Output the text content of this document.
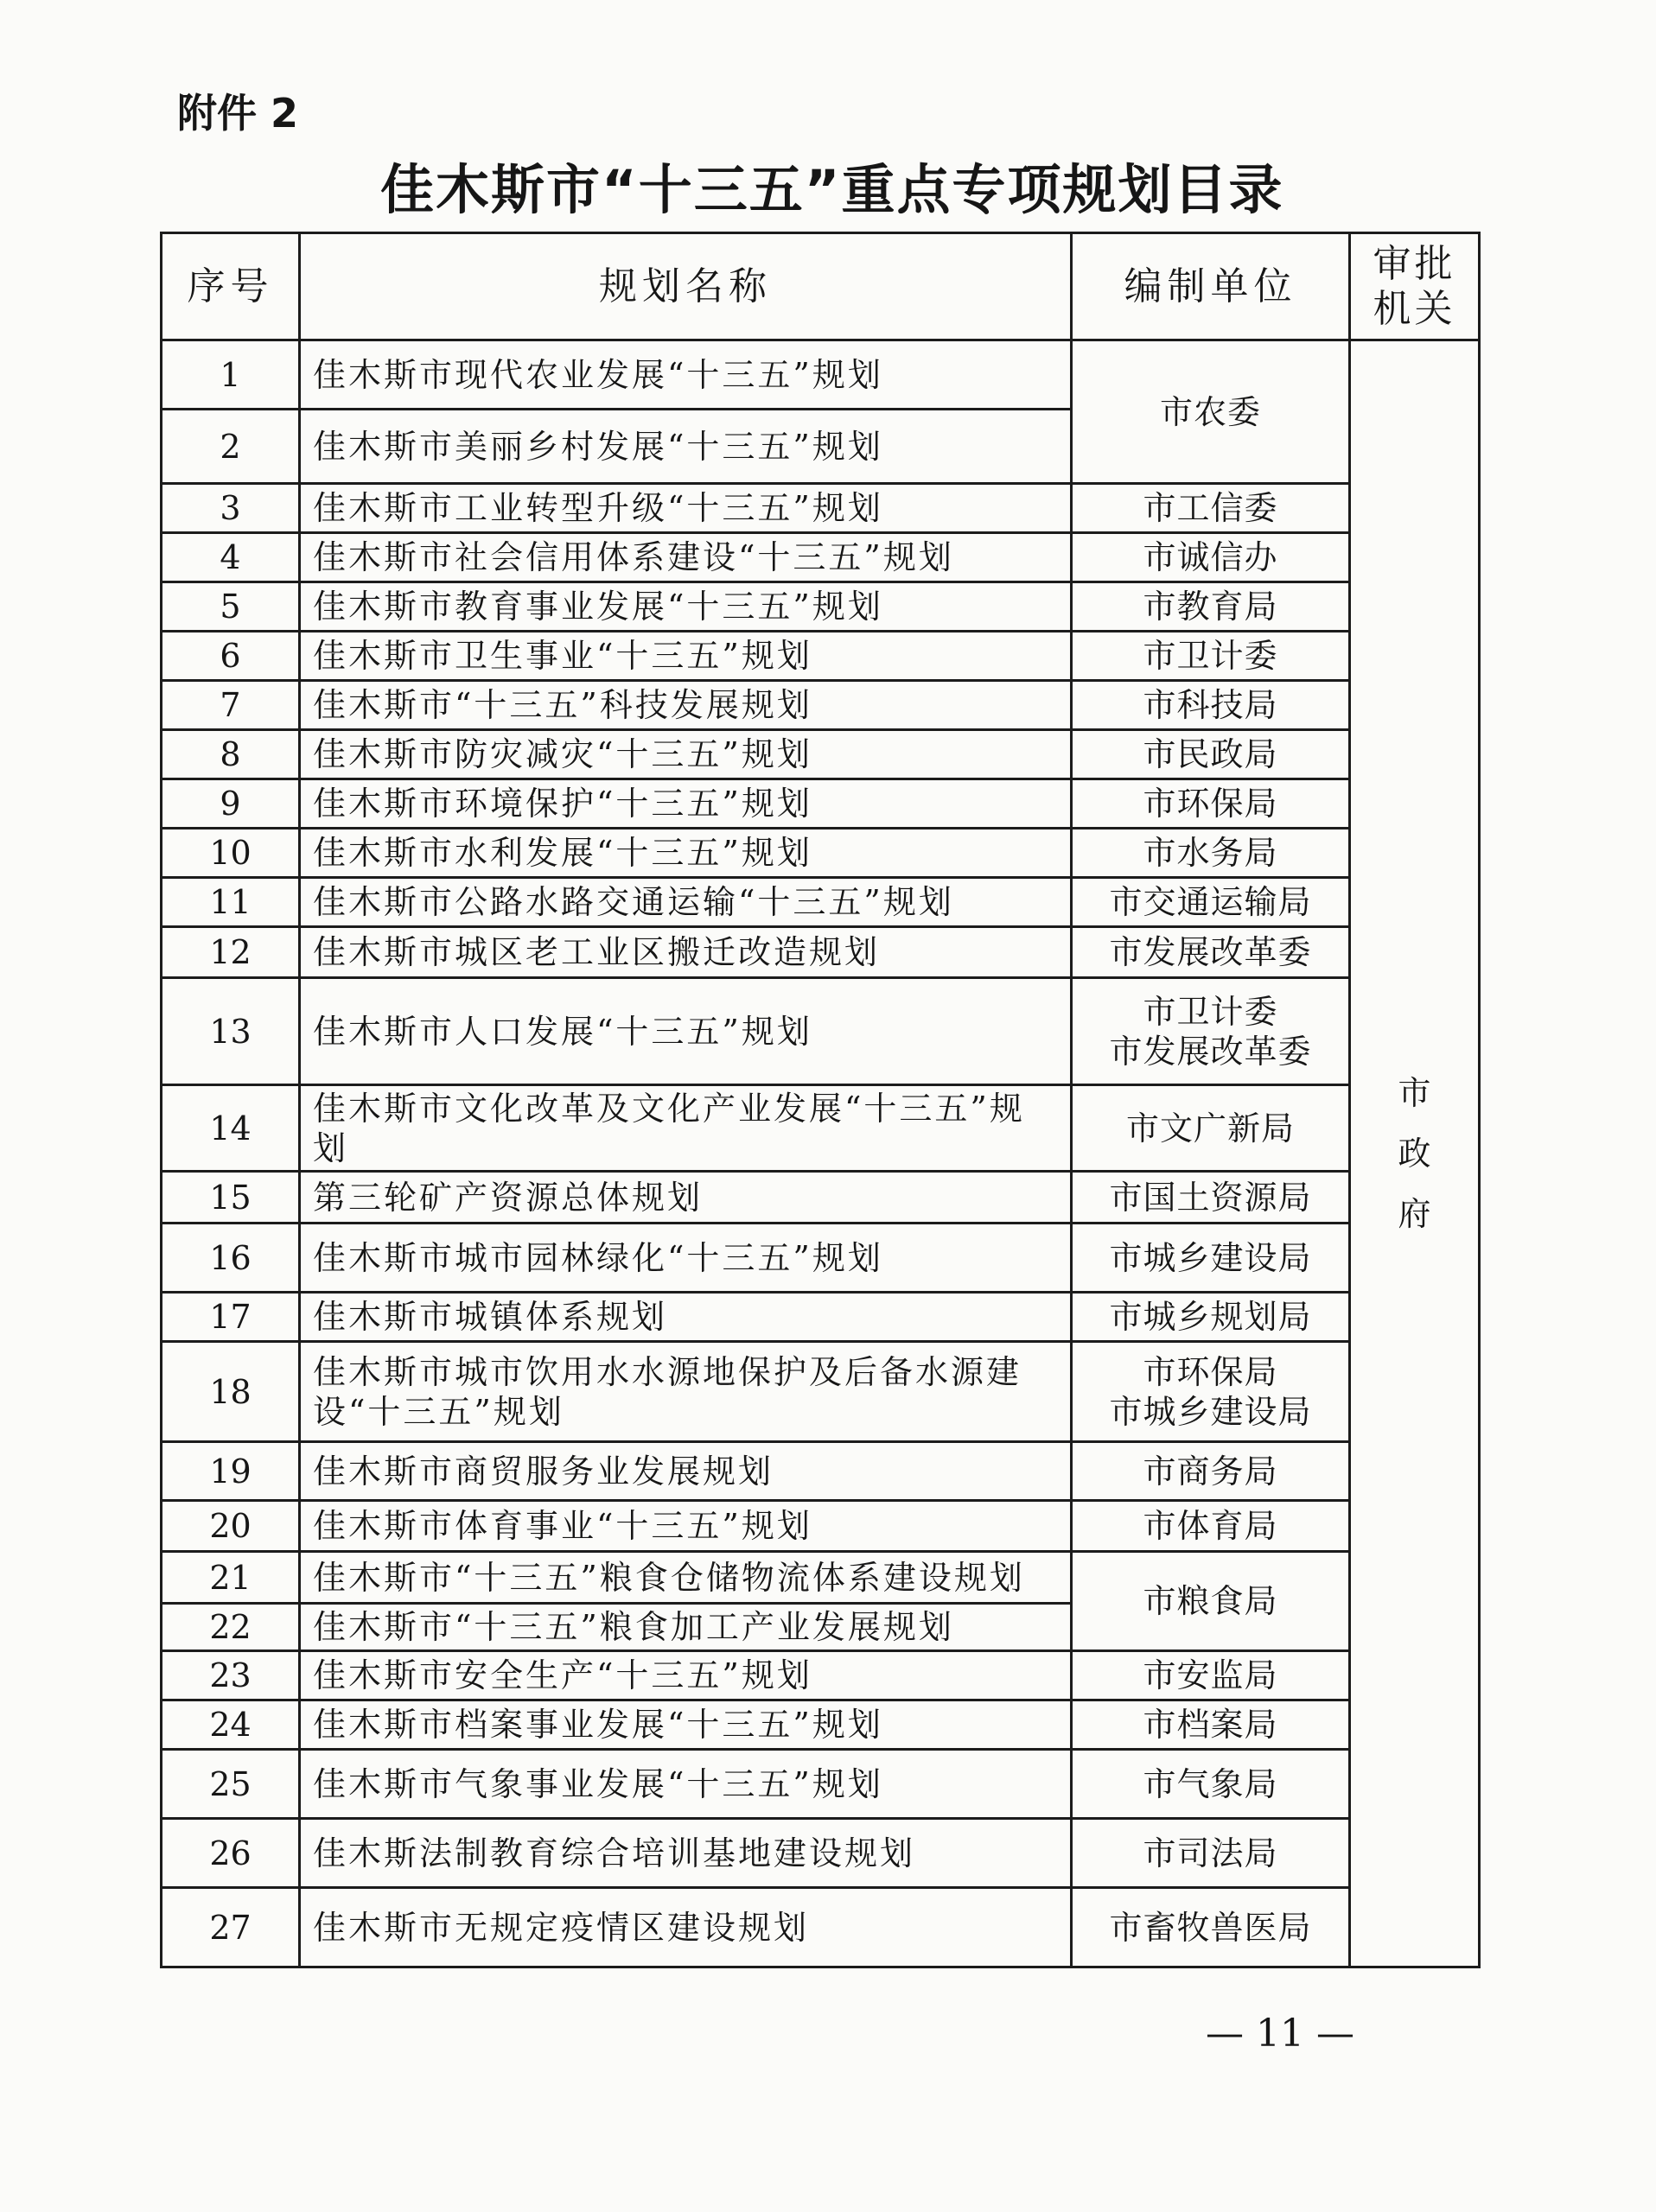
附件 2
佳木斯市“十三五”重点专项规划目录
序号	规划名称	编制单位	审批机关
1	佳木斯市现代农业发展“十三五”规划	市农委	市
政
府

2	佳木斯市美丽乡村发展“十三五”规划		
3	佳木斯市工业转型升级“十三五”规划	市工信委	
4	佳木斯市社会信用体系建设“十三五”规划	市诚信办	
5	佳木斯市教育事业发展“十三五”规划	市教育局	
6	佳木斯市卫生事业“十三五”规划	市卫计委	
7	佳木斯市“十三五”科技发展规划	市科技局	
8	佳木斯市防灾减灾“十三五”规划	市民政局	
9	佳木斯市环境保护“十三五”规划	市环保局	
10	佳木斯市水利发展“十三五”规划	市水务局	
11	佳木斯市公路水路交通运输“十三五”规划	市交通运输局	
12	佳木斯市城区老工业区搬迁改造规划	市发展改革委	
13	佳木斯市人口发展“十三五”规划	市卫计委
市发展改革委	

14	佳木斯市文化改革及文化产业发展“十三五”规划	市文广新局	
15	第三轮矿产资源总体规划	市国土资源局	
16	佳木斯市城市园林绿化“十三五”规划	市城乡建设局	
17	佳木斯市城镇体系规划	市城乡规划局	
18	佳木斯市城市饮用水水源地保护及后备水源建设“十三五”规划	市环保局
市城乡建设局	

19	佳木斯市商贸服务业发展规划	市商务局	
20	佳木斯市体育事业“十三五”规划	市体育局	
21	佳木斯市“十三五”粮食仓储物流体系建设规划	市粮食局	
22	佳木斯市“十三五”粮食加工产业发展规划		
23	佳木斯市安全生产“十三五”规划	市安监局	
24	佳木斯市档案事业发展“十三五”规划	市档案局	
25	佳木斯市气象事业发展“十三五”规划	市气象局	
26	佳木斯法制教育综合培训基地建设规划	市司法局	
27	佳木斯市无规定疫情区建设规划	市畜牧兽医局	
— 11 —
